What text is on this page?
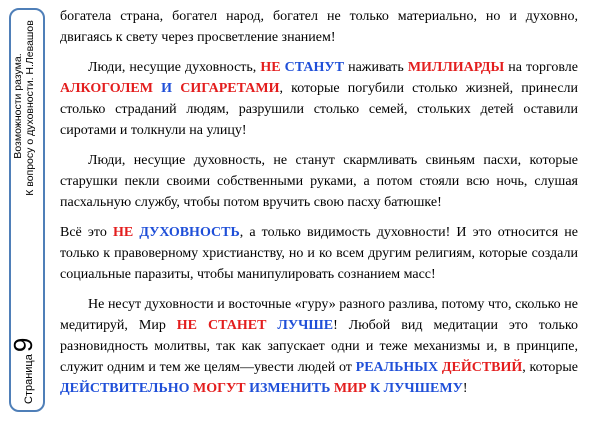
Возможности разума. К вопросу о духовности. Н.Левашов
Страница9

богатела страна, богател народ, богател не только материально, но и духовно, двигаясь к свету через просветление знанием!

Люди, несущие духовность, НЕ СТАНУТ наживать МИЛЛИАРДЫ на торговле АЛКОГОЛЕМ И СИГАРЕТАМИ, которые погубили столько жизней, принесли столько страданий людям, разрушили столько семей, стольких детей оставили сиротами и толкнули на улицу!

Люди, несущие духовность, не станут скармливать свиньям пасхи, которые старушки пекли своими собственными руками, а потом стояли всю ночь, слушая пасхальную службу, чтобы потом вручить свою пасху батюшке!

Всё это НЕ ДУХОВНОСТЬ, а только видимость духовности! И это относится не только к правоверному христианству, но и ко всем другим религиям, которые создали социальные паразиты, чтобы манипулировать сознанием масс!

Не несут духовности и восточные «гуру» разного разлива, потому что, сколько не медитируй, Мир НЕ СТАНЕТ ЛУЧШЕ! Любой вид медитации это только разновидность молитвы, так как запускает одни и теже механизмы и, в принципе, служит одним и тем же целям—увести людей от РЕАЛЬНЫХ ДЕЙСТВИЙ, которые ДЕЙСТВИТЕЛЬНО МОГУТ ИЗМЕНИТЬ МИР К ЛУЧШЕМУ!
